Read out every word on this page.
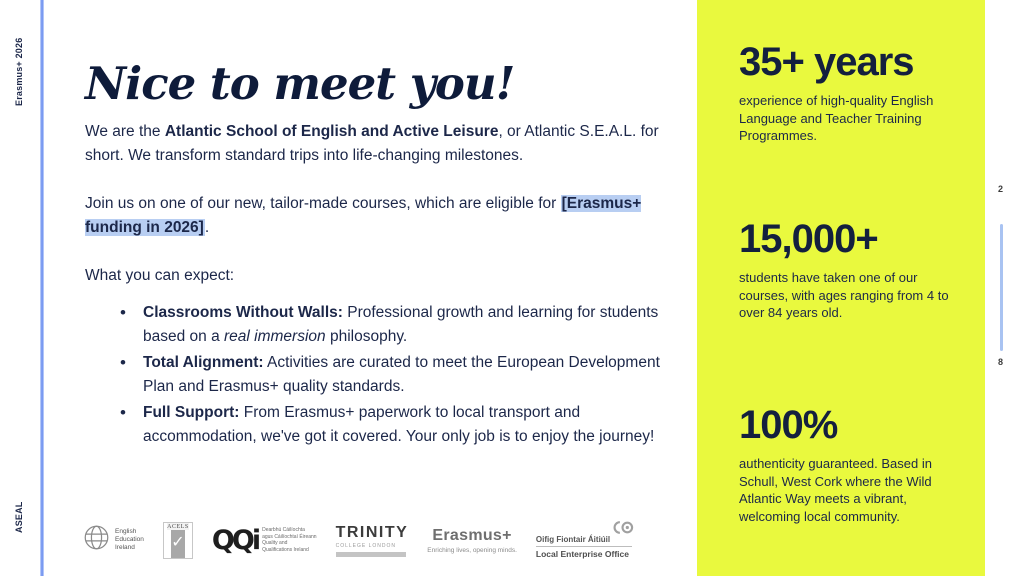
Erasmus+ 2026
ASEAL
Nice to meet you!

We are the Atlantic School of English and Active Leisure, or Atlantic S.E.A.L. for short. We transform standard trips into life-changing milestones.

Join us on one of our new, tailor-made courses, which are eligible for [Erasmus+ funding in 2026].

What you can expect:

• Classrooms Without Walls: Professional growth and learning for students based on a real immersion philosophy.
• Total Alignment: Activities are curated to meet the European Development Plan and Erasmus+ quality standards.
• Full Support: From Erasmus+ paperwork to local transport and accommodation, we've got it covered. Your only job is to enjoy the journey!
English
Education
Ireland
ACELS
✓ QQi Dearbhú Cáilíochta
agus Cáilíochtaí Éireann
Quality and
Qualifications Ireland
TRINITY
COLLEGE LONDON
Erasmus+
Enriching lives, opening minds.
Oifig Fiontair Áitiúil
Local Enterprise Office
35+ years
experience of high-quality English Language and Teacher Training Programmes.
15,000+
students have taken one of our courses, with ages ranging from 4 to over 84 years old.
100%
authenticity guaranteed. Based in Schull, West Cork where the Wild Atlantic Way meets a vibrant, welcoming local community.
2
8
